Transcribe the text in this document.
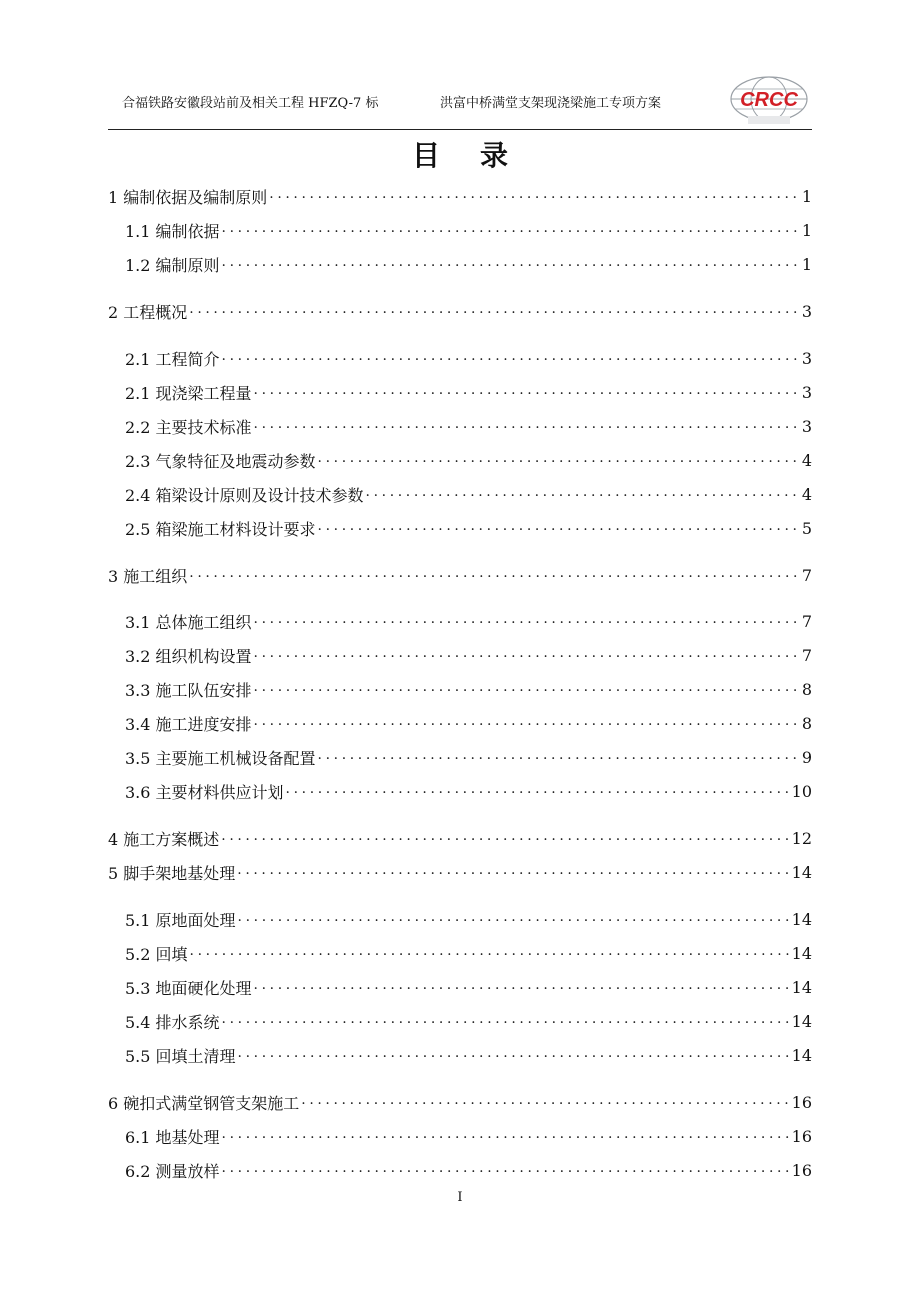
合福铁路安徽段站前及相关工程 HFZQ-7 标	洪富中桥满堂支架现浇梁施工专项方案	CRCC
目录
1 编制依据及编制原则 ·····	1
1.1 编制依据 ·····	1
1.2 编制原则 ·····	1
2 工程概况 ·····	3
2.1 工程简介 ·····	3
2.1 现浇梁工程量 ·····	3
2.2 主要技术标准 ·····	3
2.3 气象特征及地震动参数 ·····	4
2.4 箱梁设计原则及设计技术参数 ·····	4
2.5 箱梁施工材料设计要求 ·····	5
3 施工组织 ·····	7
3.1 总体施工组织 ·····	7
3.2 组织机构设置 ·····	7
3.3 施工队伍安排 ·····	8
3.4 施工进度安排 ·····	8
3.5 主要施工机械设备配置 ·····	9
3.6 主要材料供应计划 ·····	10
4 施工方案概述 ·····	12
5 脚手架地基处理 ·····	14
5.1 原地面处理 ·····	14
5.2 回填 ·····	14
5.3 地面硬化处理 ·····	14
5.4 排水系统 ·····	14
5.5 回填土清理 ·····	14
6 碗扣式满堂钢管支架施工 ·····	16
6.1 地基处理 ·····	16
6.2 测量放样 ·····	16
I
